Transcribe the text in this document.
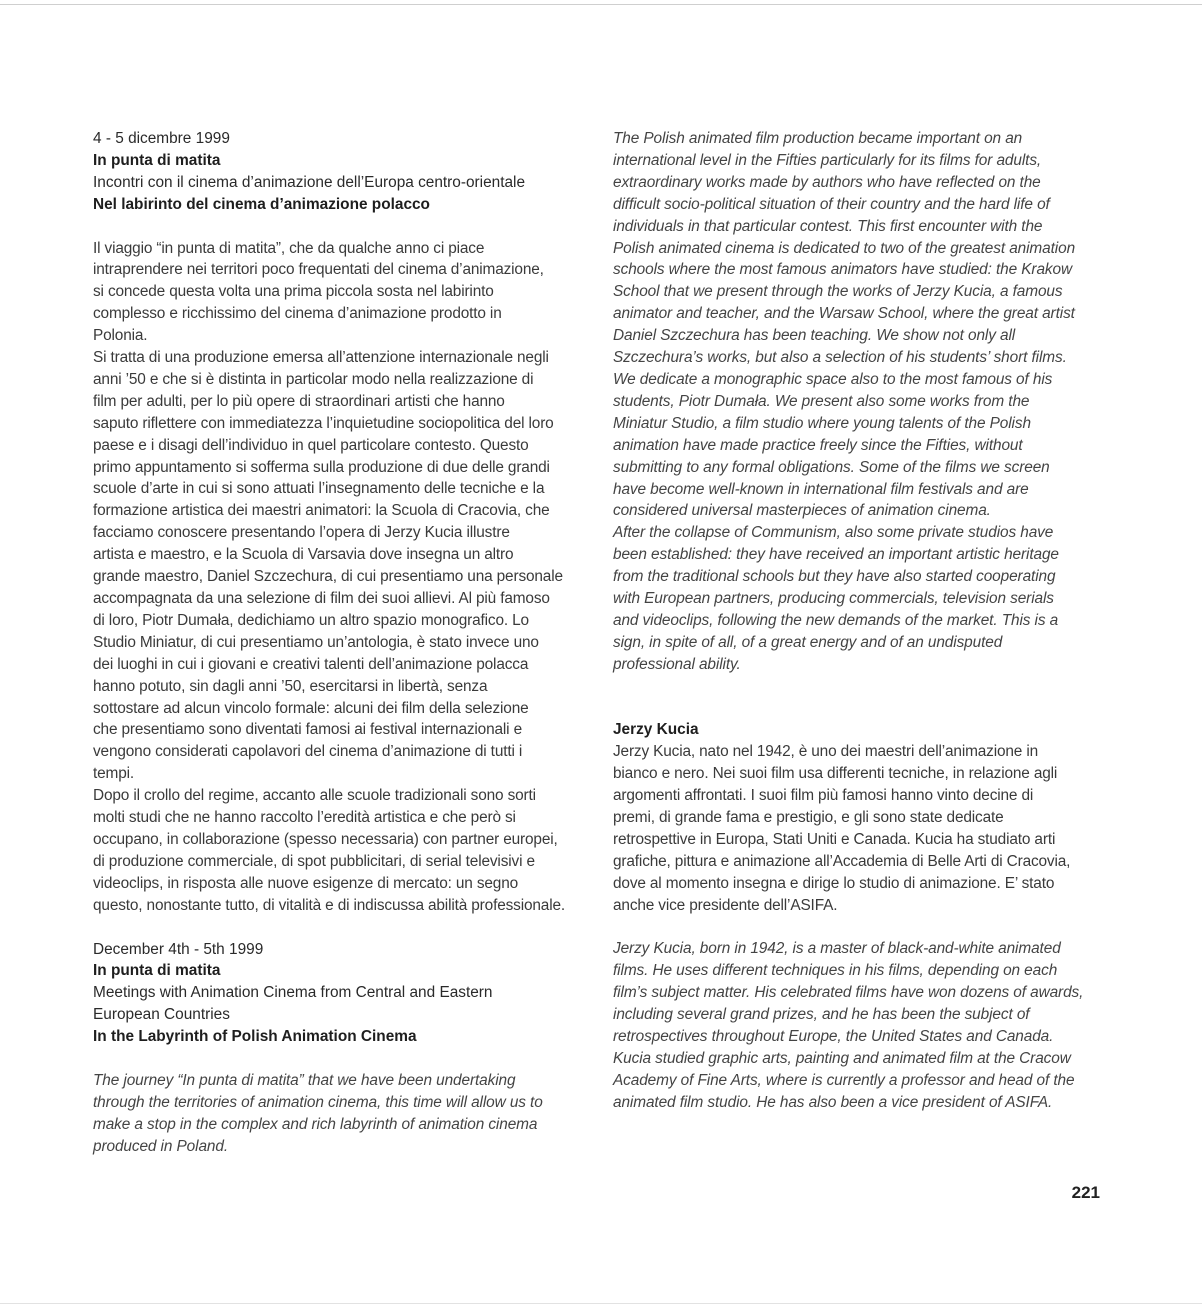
4 - 5 dicembre 1999
In punta di matita
Incontri con il cinema d’animazione dell’Europa centro-orientale
Nel labirinto del cinema d’animazione polacco
Il viaggio “in punta di matita”, che da qualche anno ci piace
intraprendere nei territori poco frequentati del cinema d’animazione,
si concede questa volta una prima piccola sosta nel labirinto
complesso e ricchissimo del cinema d’animazione prodotto in
Polonia.
Si tratta di una produzione emersa all’attenzione internazionale negli
anni ’50 e che si è distinta in particolar modo nella realizzazione di
film per adulti, per lo più opere di straordinari artisti che hanno
saputo riflettere con immediatezza l’inquietudine sociopolitica del loro
paese e i disagi dell’individuo in quel particolare contesto. Questo
primo appuntamento si sofferma sulla produzione di due delle grandi
scuole d’arte in cui si sono attuati l’insegnamento delle tecniche e la
formazione artistica dei maestri animatori: la Scuola di Cracovia, che
facciamo conoscere presentando l’opera di Jerzy Kucia illustre
artista e maestro, e la Scuola di Varsavia dove insegna un altro
grande maestro, Daniel Szczechura, di cui presentiamo una personale
accompagnata da una selezione di film dei suoi allievi. Al più famoso
di loro, Piotr Dumała, dedichiamo un altro spazio monografico. Lo
Studio Miniatur, di cui presentiamo un’antologia, è stato invece uno
dei luoghi in cui i giovani e creativi talenti dell’animazione polacca
hanno potuto, sin dagli anni ’50, esercitarsi in libertà, senza
sottostare ad alcun vincolo formale: alcuni dei film della selezione
che presentiamo sono diventati famosi ai festival internazionali e
vengono considerati capolavori del cinema d’animazione di tutti i
tempi.
Dopo il crollo del regime, accanto alle scuole tradizionali sono sorti
molti studi che ne hanno raccolto l’eredità artistica e che però si
occupano, in collaborazione (spesso necessaria) con partner europei,
di produzione commerciale, di spot pubblicitari, di serial televisivi e
videoclips, in risposta alle nuove esigenze di mercato: un segno
questo, nonostante tutto, di vitalità e di indiscussa abilità professionale.
December 4th - 5th 1999
In punta di matita
Meetings with Animation Cinema from Central and Eastern
European Countries
In the Labyrinth of Polish Animation Cinema
The journey “In punta di matita” that we have been undertaking
through the territories of animation cinema, this time will allow us to
make a stop in the complex and rich labyrinth of animation cinema
produced in Poland.
The Polish animated film production became important on an
international level in the Fifties particularly for its films for adults,
extraordinary works made by authors who have reflected on the
difficult socio-political situation of their country and the hard life of
individuals in that particular contest. This first encounter with the
Polish animated cinema is dedicated to two of the greatest animation
schools where the most famous animators have studied: the Krakow
School that we present through the works of Jerzy Kucia, a famous
animator and teacher, and the Warsaw School, where the great artist
Daniel Szczechura has been teaching. We show not only all
Szczechura’s works, but also a selection of his students’ short films.
We dedicate a monographic space also to the most famous of his
students, Piotr Dumała. We present also some works from the
Miniatur Studio, a film studio where young talents of the Polish
animation have made practice freely since the Fifties, without
submitting to any formal obligations. Some of the films we screen
have become well-known in international film festivals and are
considered universal masterpieces of animation cinema.
After the collapse of Communism, also some private studios have
been established: they have received an important artistic heritage
from the traditional schools but they have also started cooperating
with European partners, producing commercials, television serials
and videoclips, following the new demands of the market. This is a
sign, in spite of all, of a great energy and of an undisputed
professional ability.
Jerzy Kucia
Jerzy Kucia, nato nel 1942, è uno dei maestri dell’animazione in
bianco e nero. Nei suoi film usa differenti tecniche, in relazione agli
argomenti affrontati. I suoi film più famosi hanno vinto decine di
premi, di grande fama e prestigio, e gli sono state dedicate
retrospettive in Europa, Stati Uniti e Canada. Kucia ha studiato arti
grafiche, pittura e animazione all’Accademia di Belle Arti di Cracovia,
dove al momento insegna e dirige lo studio di animazione. E’ stato
anche vice presidente dell’ASIFA.
Jerzy Kucia, born in 1942, is a master of black-and-white animated
films. He uses different techniques in his films, depending on each
film’s subject matter. His celebrated films have won dozens of awards,
including several grand prizes, and he has been the subject of
retrospectives throughout Europe, the United States and Canada.
Kucia studied graphic arts, painting and animated film at the Cracow
Academy of Fine Arts, where is currently a professor and head of the
animated film studio. He has also been a vice president of ASIFA.
221
